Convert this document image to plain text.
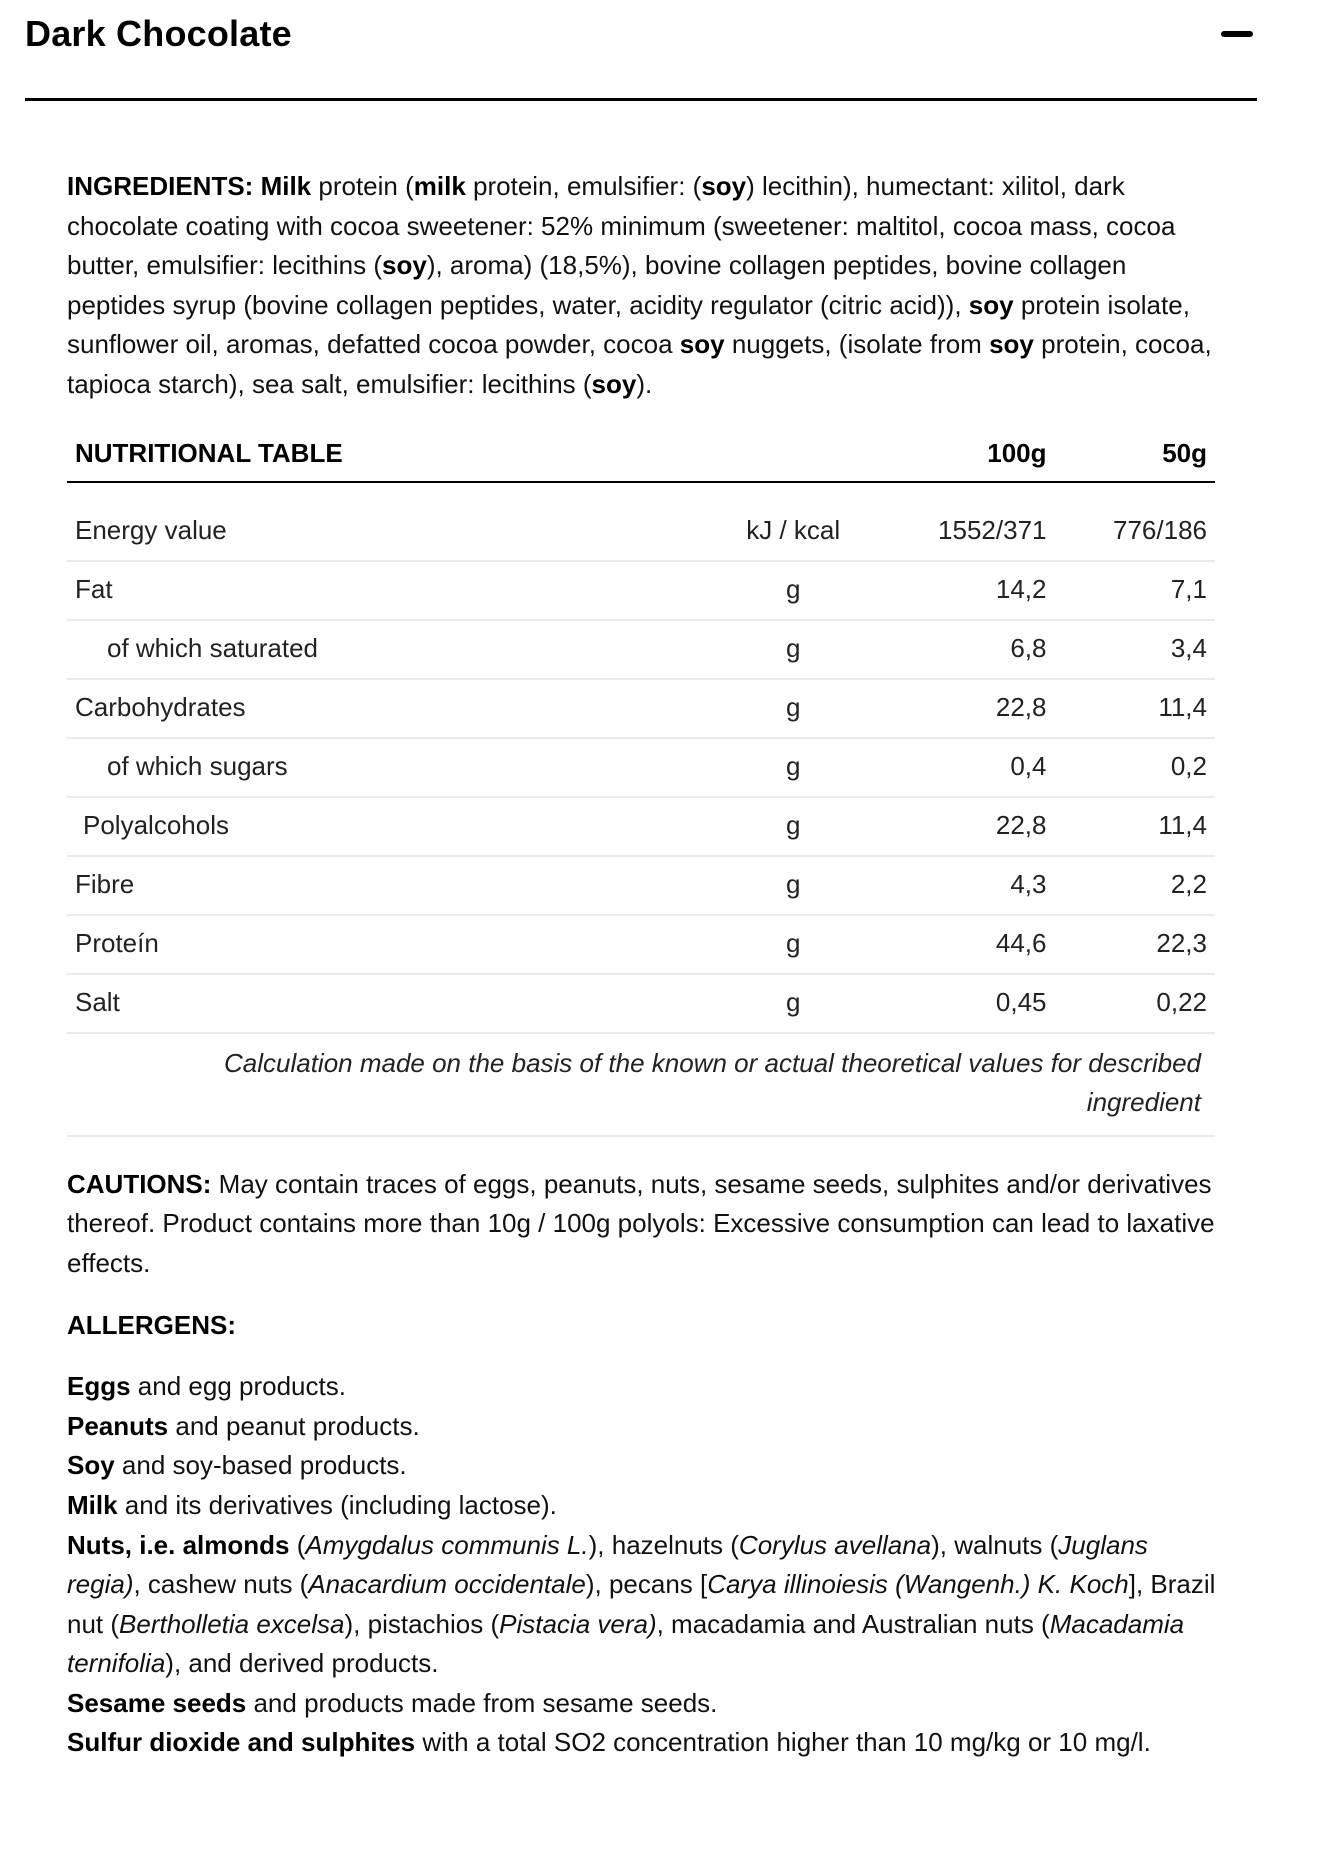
Dark Chocolate

INGREDIENTS: Milk protein (milk protein, emulsifier: (soy) lecithin), humectant: xilitol, dark chocolate coating with cocoa sweetener: 52% minimum (sweetener: maltitol, cocoa mass, cocoa butter, emulsifier: lecithins (soy), aroma) (18,5%), bovine collagen peptides, bovine collagen peptides syrup (bovine collagen peptides, water, acidity regulator (citric acid)), soy protein isolate, sunflower oil, aromas, defatted cocoa powder, cocoa soy nuggets, (isolate from soy protein, cocoa, tapioca starch), sea salt, emulsifier: lecithins (soy).

NUTRITIONAL TABLE		100g	50g
Energy value	kJ / kcal	1552/371	776/186
Fat	g	14,2	7,1
of which saturated	g	6,8	3,4
Carbohydrates	g	22,8	11,4
of which sugars	g	0,4	0,2
Polyalcohols	g	22,8	11,4
Fibre	g	4,3	2,2
Proteín	g	44,6	22,3
Salt	g	0,45	0,22
Calculation made on the basis of the known or actual theoretical values for described ingredient			

CAUTIONS: May contain traces of eggs, peanuts, nuts, sesame seeds, sulphites and/or derivatives thereof. Product contains more than 10g / 100g polyols: Excessive consumption can lead to laxative effects.

ALLERGENS:

Eggs and egg products.
Peanuts and peanut products.
Soy and soy-based products.
Milk and its derivatives (including lactose).
Nuts, i.e. almonds (Amygdalus communis L.), hazelnuts (Corylus avellana), walnuts (Juglans regia), cashew nuts (Anacardium occidentale), pecans [Carya illinoiesis (Wangenh.) K. Koch], Brazil nut (Bertholletia excelsa), pistachios (Pistacia vera), macadamia and Australian nuts (Macadamia ternifolia), and derived products.
Sesame seeds and products made from sesame seeds.
Sulfur dioxide and sulphites with a total SO2 concentration higher than 10 mg/kg or 10 mg/l.
